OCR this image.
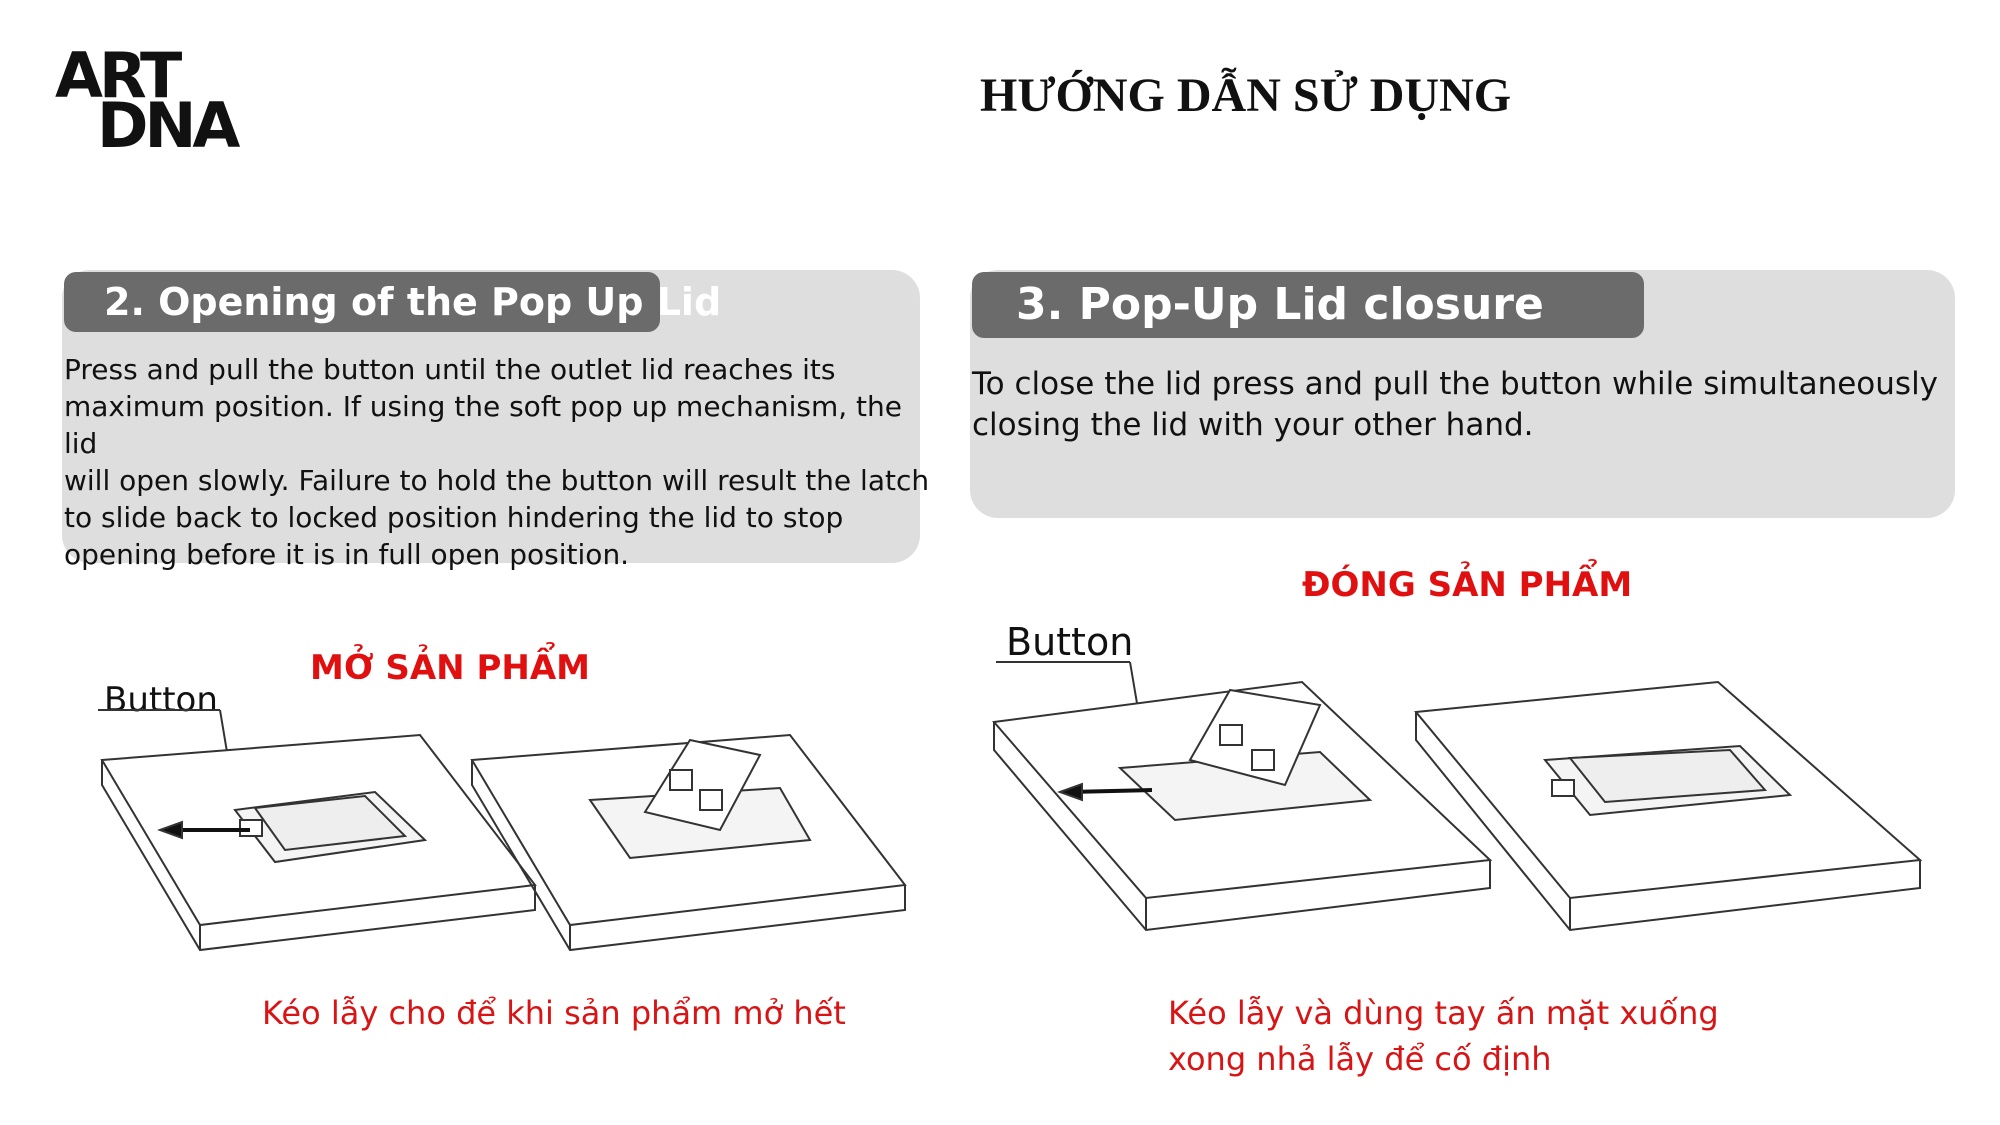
ART
DNA	HƯỚNG DẪN SỬ DỤNG
2. Opening of the Pop Up Lid
Press and pull the button until the outlet lid reaches its
maximum position. If using the soft pop up mechanism, the lid
will open slowly. Failure to hold the button will result the latch
to slide back to locked position hindering the lid to stop
opening before it is in full open position.
3. Pop-Up Lid closure
To close the lid press and pull the button while simultaneously
closing the lid with your other hand.
MỞ SẢN PHẨM
ĐÓNG SẢN PHẨM
Button
Button
Kéo lẫy cho để khi sản phẩm mở hết	Kéo lẫy và dùng tay ấn mặt xuống
xong nhả lẫy để cố định
